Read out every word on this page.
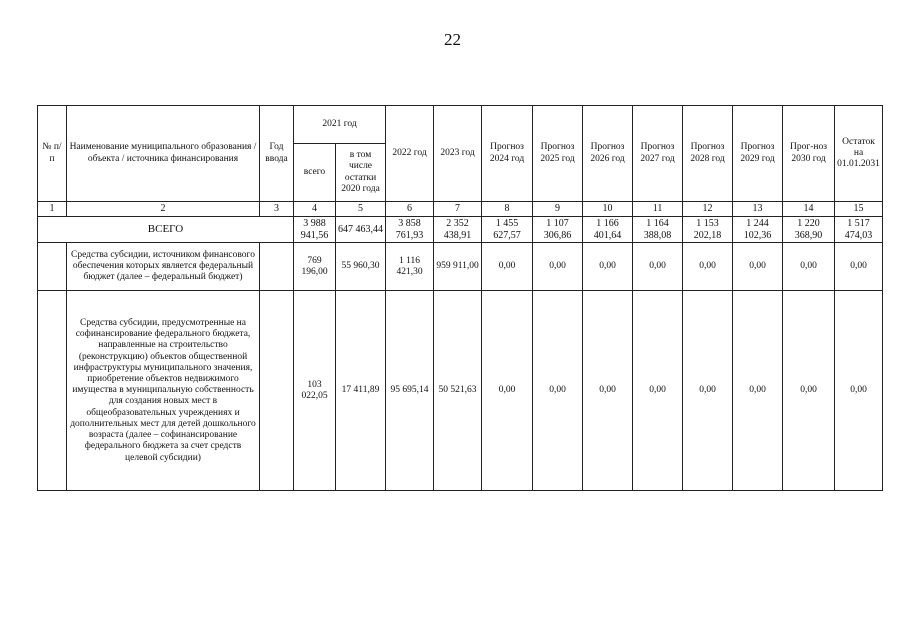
22
№ п/п	Наименование муниципального образования / объекта / источника финансирования	Год ввода	2021 год		2022 год	2023 год	Прогноз 2024 год	Прогноз 2025 год	Прогноз 2026 год	Прогноз 2027 год	Прогноз 2028 год	Прогноз 2029 год	Прог-ноз 2030 год	Остаток на 01.01.2031
			всего	в том числе остатки 2020 года										
1	2	3	4	5	6	7	8	9	10	11	12	13	14	15
ВСЕГО			3 988 941,56	647 463,44	3 858 761,93	2 352 438,91	1 455 627,57	1 107 306,86	1 166 401,64	1 164 388,08	1 153 202,18	1 244 102,36	1 220 368,90	1 517 474,03
	Средства субсидии, источником финансового обеспечения которых является федеральный бюджет (далее – федеральный бюджет)		769 196,00	55 960,30	1 116 421,30	959 911,00	0,00	0,00	0,00	0,00	0,00	0,00	0,00	0,00
	Средства субсидии, предусмотренные на софинансирование федерального бюджета, направленные на строительство (реконструкцию) объектов общественной инфраструктуры муниципального значения, приобретение объектов недвижимого имущества в муниципальную собственность для создания новых мест в общеобразовательных учреждениях и дополнительных мест для детей дошкольного возраста (далее – софинансирование федерального бюджета за счет средств целевой субсидии)		103 022,05	17 411,89	95 695,14	50 521,63	0,00	0,00	0,00	0,00	0,00	0,00	0,00	0,00
